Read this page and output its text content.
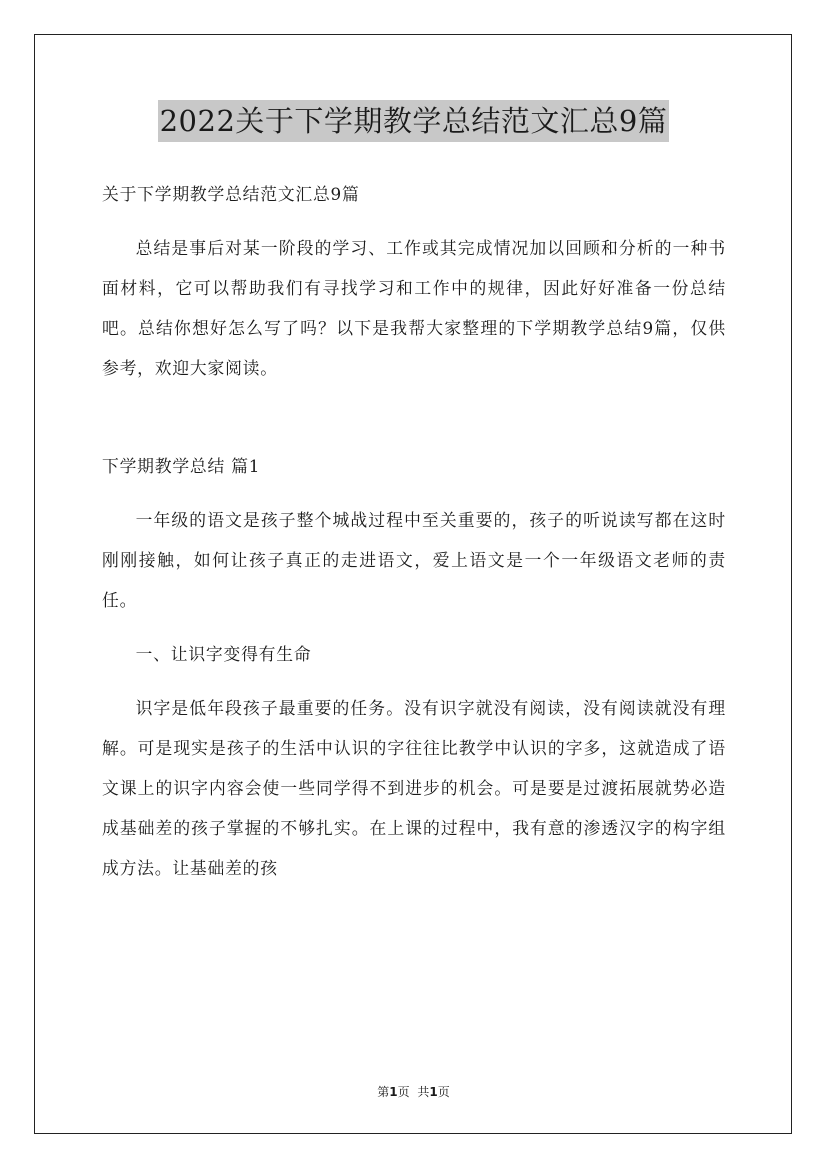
2022关于下学期教学总结范文汇总9篇

关于下学期教学总结范文汇总9篇

总结是事后对某一阶段的学习、工作或其完成情况加以回顾和分析的一种书面材料，它可以帮助我们有寻找学习和工作中的规律，因此好好准备一份总结吧。总结你想好怎么写了吗？以下是我帮大家整理的下学期教学总结9篇，仅供参考，欢迎大家阅读。

下学期教学总结 篇1

一年级的语文是孩子整个城战过程中至关重要的，孩子的听说读写都在这时刚刚接触，如何让孩子真正的走进语文，爱上语文是一个一年级语文老师的责任。

一、让识字变得有生命

识字是低年段孩子最重要的任务。没有识字就没有阅读，没有阅读就没有理解。可是现实是孩子的生活中认识的字往往比教学中认识的字多，这就造成了语文课上的识字内容会使一些同学得不到进步的机会。可是要是过渡拓展就势必造成基础差的孩子掌握的不够扎实。在上课的过程中，我有意的渗透汉字的构字组成方法。让基础差的孩

第1页 共1页
